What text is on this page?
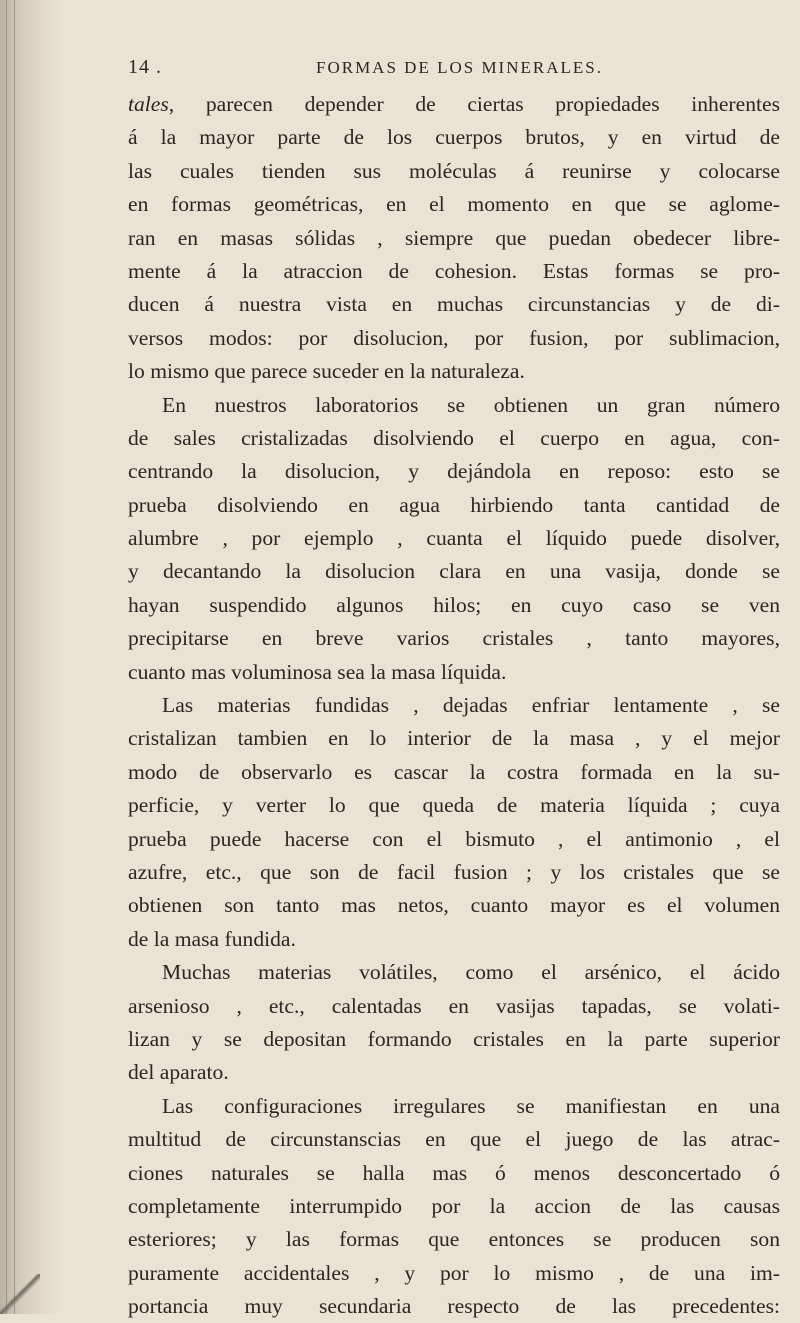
14 .	FORMAS DE LOS MINERALES.
tales, parecen depender de ciertas propiedades inherentes
á la mayor parte de los cuerpos brutos, y en virtud de
las cuales tienden sus moléculas á reunirse y colocarse
en formas geométricas, en el momento en que se aglome-
ran en masas sólidas , siempre que puedan obedecer libre-
mente á la atraccion de cohesion. Estas formas se pro-
ducen á nuestra vista en muchas circunstancias y de di-
versos modos: por disolucion, por fusion, por sublimacion,
lo mismo que parece suceder en la naturaleza.
En nuestros laboratorios se obtienen un gran número
de sales cristalizadas disolviendo el cuerpo en agua, con-
centrando la disolucion, y dejándola en reposo: esto se
prueba disolviendo en agua hirbiendo tanta cantidad de
alumbre , por ejemplo , cuanta el líquido puede disolver,
y decantando la disolucion clara en una vasija, donde se
hayan suspendido algunos hilos; en cuyo caso se ven
precipitarse en breve varios cristales , tanto mayores,
cuanto mas voluminosa sea la masa líquida.
Las materias fundidas , dejadas enfriar lentamente , se
cristalizan tambien en lo interior de la masa , y el mejor
modo de observarlo es cascar la costra formada en la su-
perficie, y verter lo que queda de materia líquida ; cuya
prueba puede hacerse con el bismuto , el antimonio , el
azufre, etc., que son de facil fusion ; y los cristales que se
obtienen son tanto mas netos, cuanto mayor es el volumen
de la masa fundida.
Muchas materias volátiles, como el arsénico, el ácido
arsenioso , etc., calentadas en vasijas tapadas, se volati-
lizan y se depositan formando cristales en la parte superior
del aparato.
Las configuraciones irregulares se manifiestan en una
multitud de circunstanscias en que el juego de las atrac-
ciones naturales se halla mas ó menos desconcertado ó
completamente interrumpido por la accion de las causas
esteriores; y las formas que entonces se producen son
puramente accidentales , y por lo mismo , de una im-
portancia muy secundaria respecto de las precedentes:
